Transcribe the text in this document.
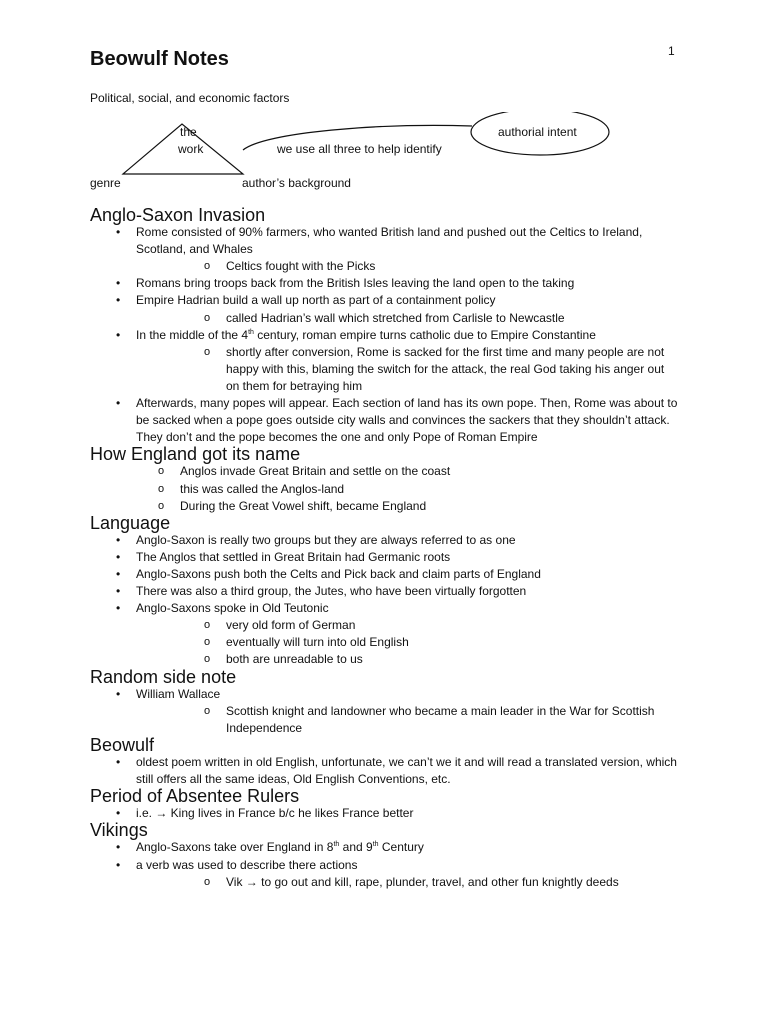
1
Beowulf Notes
Political, social, and economic factors
the
work
authorial intent
we use all three to help identify
genre	author’s background
Anglo-Saxon Invasion
• Rome consisted of 90% farmers, who wanted British land and pushed out the Celtics to Ireland, Scotland, and Whales
o Celtics fought with the Picks
• Romans bring troops back from the British Isles leaving the land open to the taking
• Empire Hadrian build a wall up north as part of a containment policy
o called Hadrian’s wall which stretched from Carlisle to Newcastle
• In the middle of the 4th century, roman empire turns catholic due to Empire Constantine
o shortly after conversion, Rome is sacked for the first time and many people are not happy with this, blaming the switch for the attack, the real God taking his anger out on them for betraying him
• Afterwards, many popes will appear. Each section of land has its own pope. Then, Rome was about to be sacked when a pope goes outside city walls and convinces the sackers that they shouldn’t attack. They don’t and the pope becomes the one and only Pope of Roman Empire
How England got its name
o Anglos invade Great Britain and settle on the coast
o this was called the Anglos-land
o During the Great Vowel shift, became England
Language
• Anglo-Saxon is really two groups but they are always referred to as one
• The Anglos that settled in Great Britain had Germanic roots
• Anglo-Saxons push both the Celts and Pick back and claim parts of England
• There was also a third group, the Jutes, who have been virtually forgotten
• Anglo-Saxons spoke in Old Teutonic
o very old form of German
o eventually will turn into old English
o both are unreadable to us
Random side note
• William Wallace
o Scottish knight and landowner who became a main leader in the War for Scottish Independence
Beowulf
• oldest poem written in old English, unfortunate, we can’t we it and will read a translated version, which still offers all the same ideas, Old English Conventions, etc.
Period of Absentee Rulers
• i.e. → King lives in France b/c he likes France better
Vikings
• Anglo-Saxons take over England in 8th and 9th Century
• a verb was used to describe there actions
o Vik → to go out and kill, rape, plunder, travel, and other fun knightly deeds
